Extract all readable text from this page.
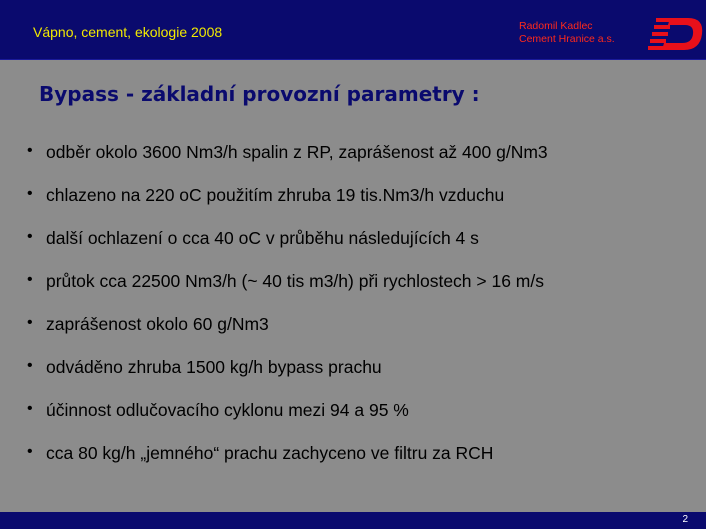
Vápno, cement, ekologie 2008	Radomil Kadlec
Cement Hranice a.s.
Bypass - základní provozní parametry :
• odběr okolo 3600 Nm3/h spalin z RP, zaprášenost až 400 g/Nm3
• chlazeno na 220 oC použitím zhruba 19 tis.Nm3/h vzduchu
• další ochlazení o cca 40 oC v průběhu následujících 4 s
• průtok cca 22500 Nm3/h (~ 40 tis m3/h) při rychlostech > 16 m/s
• zaprášenost okolo 60 g/Nm3
• odváděno zhruba 1500 kg/h bypass prachu
• účinnost odlučovacího cyklonu mezi 94 a 95 %
• cca 80 kg/h „jemného“ prachu zachyceno ve filtru za RCH
2
